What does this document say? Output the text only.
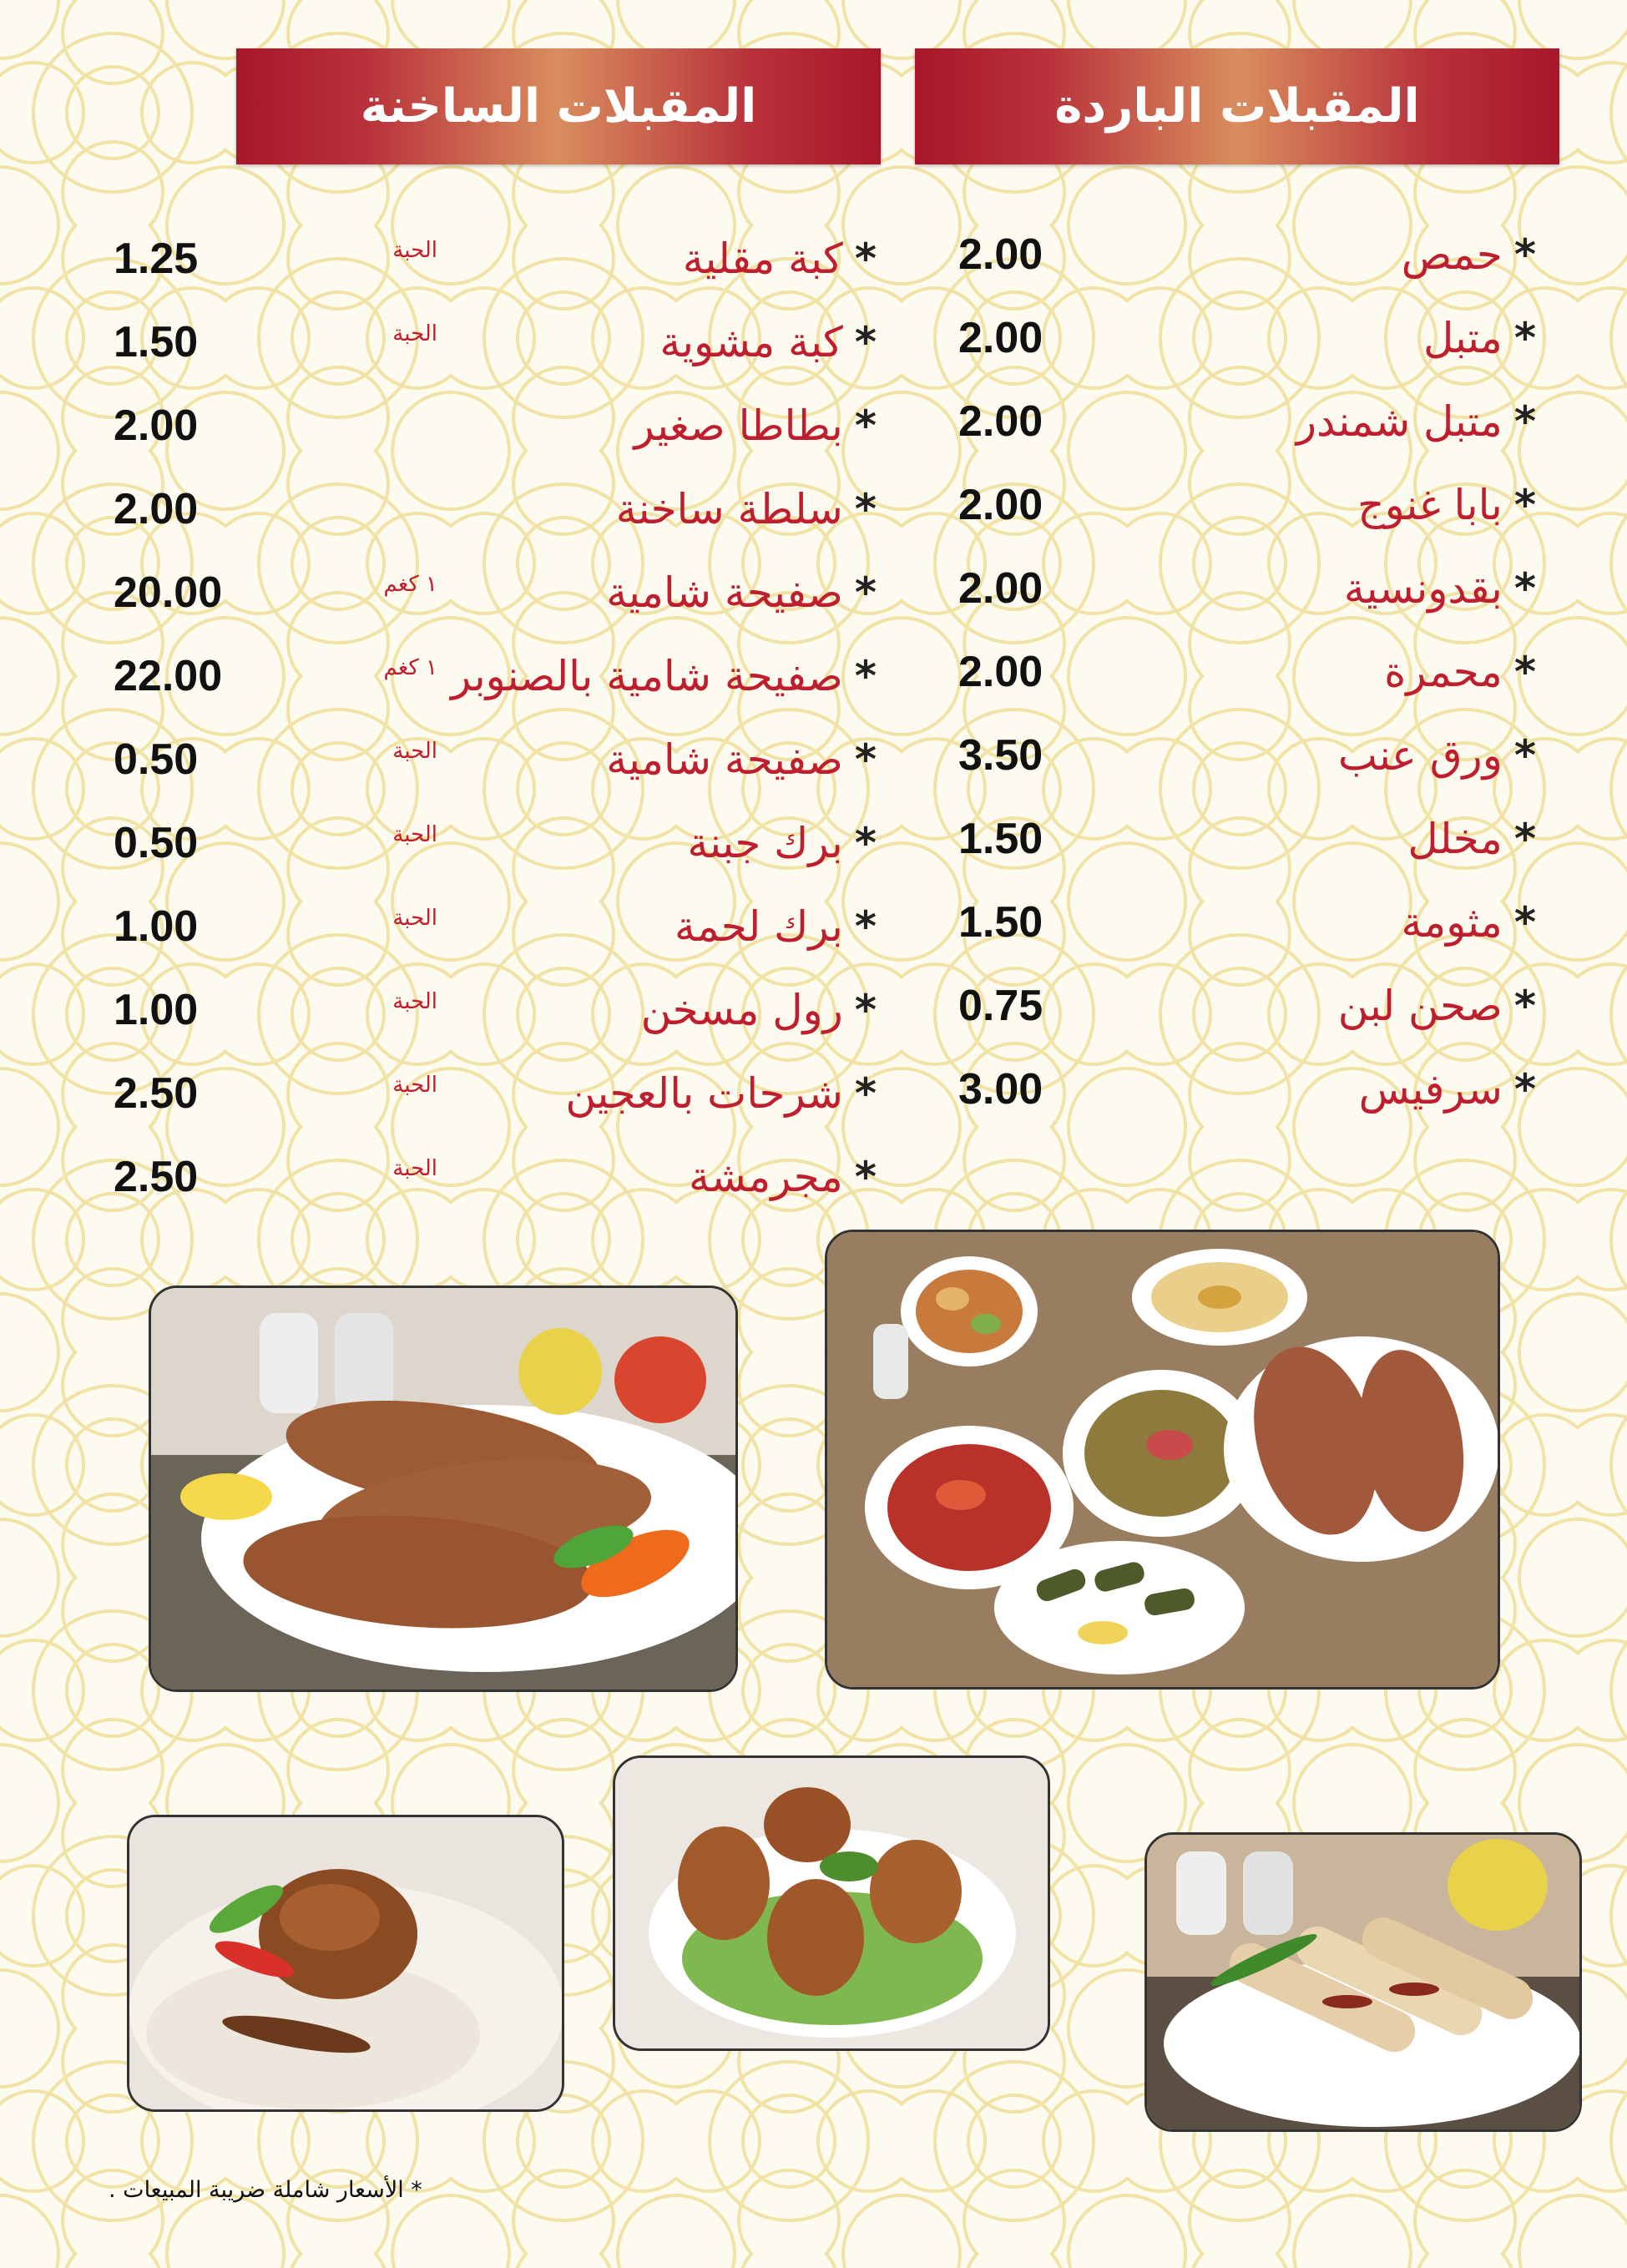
المقبلات الباردة
المقبلات الساخنة
*حمص
2.00
*متبل
2.00
*متبل شمندر
2.00
*بابا غنوج
2.00
*بقدونسية
2.00
*محمرة
2.00
*ورق عنب
3.50
*مخلل
1.50
*مثومة
1.50
*صحن لبن
0.75
*سرفيس
3.00
*كبة مقلية
الحبة
1.25
*كبة مشوية
الحبة
1.50
*بطاطا صغير
2.00
*سلطة ساخنة
2.00
*صفيحة شامية
١ كغم
20.00
*صفيحة شامية بالصنوبر
١ كغم
22.00
*صفيحة شامية
الحبة
0.50
*برك جبنة
الحبة
0.50
*برك لحمة
الحبة
1.00
*رول مسخن
الحبة
1.00
*شرحات بالعجين
الحبة
2.50
*مجرمشة
الحبة
2.50
* الأسعار شاملة ضريبة المبيعات .
